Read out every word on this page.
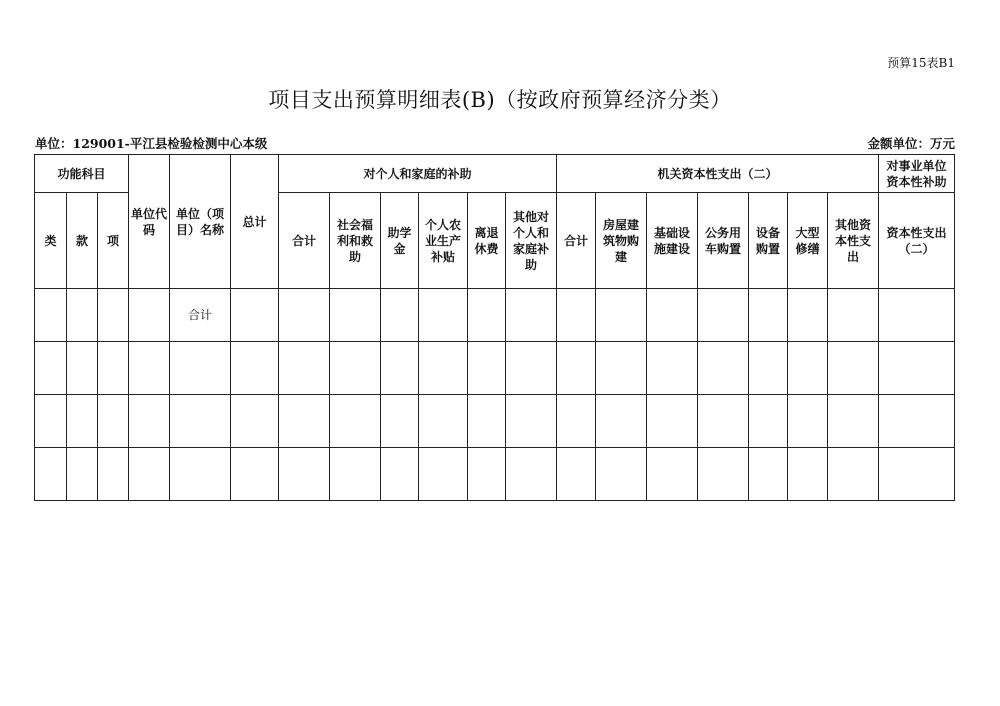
预算15表B1
项目支出预算明细表(B)（按政府预算经济分类）
单位：129001-平江县检验检测中心本级	金额单位：万元
功能科目			单位代码	单位（项目）名称	总计	对个人和家庭的补助						机关资本性支出（二）							对事业单位资本性补助
类	款	项				合计	社会福利和救助	助学金	个人农业生产补贴	离退休费	其他对个人和家庭补助	合计	房屋建筑物购建	基础设施建设	公务用车购置	设备购置	大型修缮	其他资本性支出	资本性支出（二）
				合计															
